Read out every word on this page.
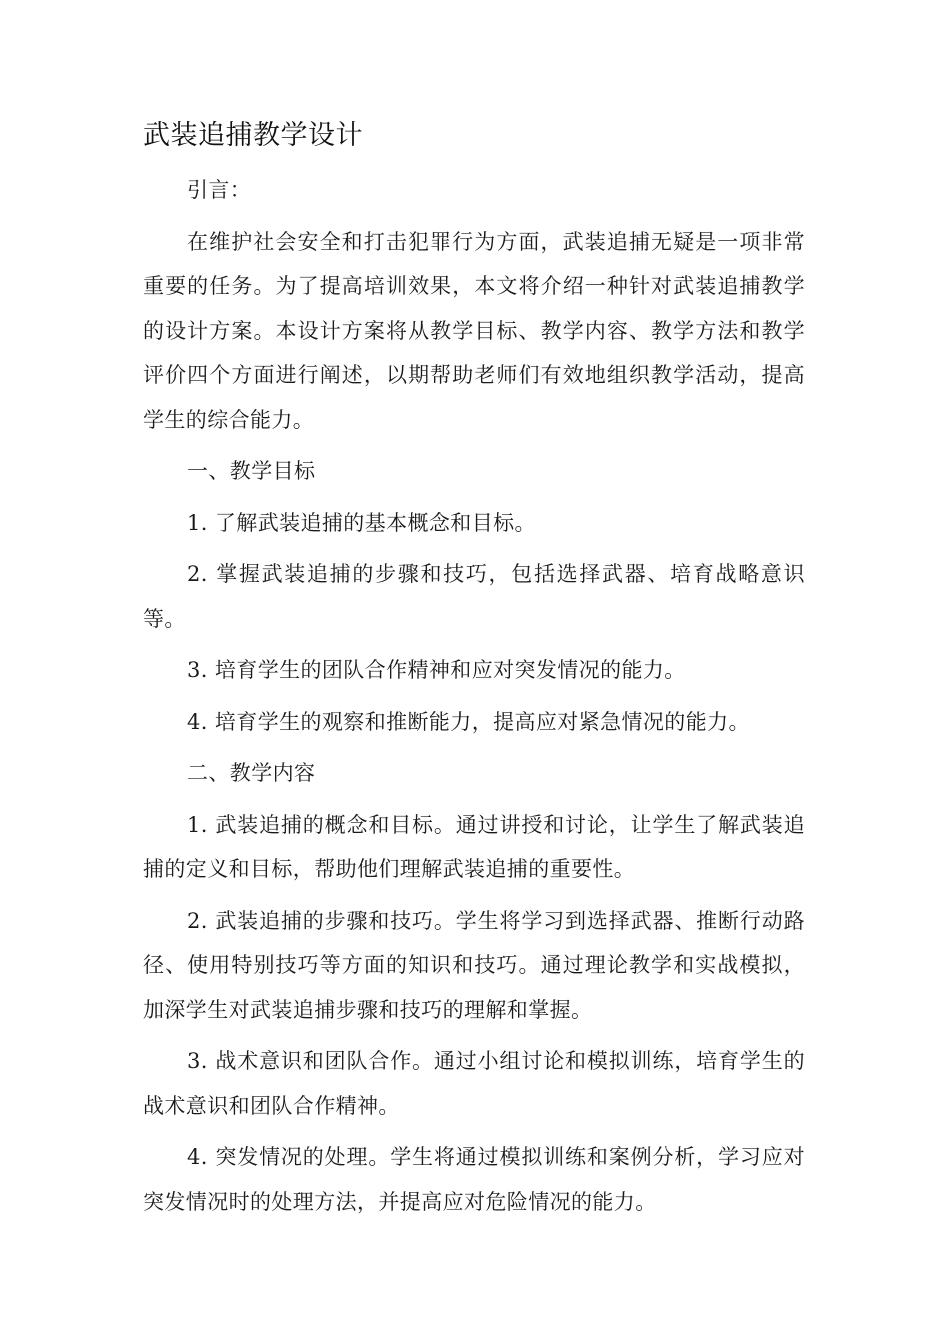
武装追捕教学设计

引言：

在维护社会安全和打击犯罪行为方面，武装追捕无疑是一项非常重要的任务。为了提高培训效果，本文将介绍一种针对武装追捕教学的设计方案。本设计方案将从教学目标、教学内容、教学方法和教学评价四个方面进行阐述，以期帮助老师们有效地组织教学活动，提高学生的综合能力。

一、教学目标

1. 了解武装追捕的基本概念和目标。

2. 掌握武装追捕的步骤和技巧，包括选择武器、培育战略意识等。

3. 培育学生的团队合作精神和应对突发情况的能力。

4. 培育学生的观察和推断能力，提高应对紧急情况的能力。

二、教学内容

1. 武装追捕的概念和目标。通过讲授和讨论，让学生了解武装追捕的定义和目标，帮助他们理解武装追捕的重要性。

2. 武装追捕的步骤和技巧。学生将学习到选择武器、推断行动路径、使用特别技巧等方面的知识和技巧。通过理论教学和实战模拟，加深学生对武装追捕步骤和技巧的理解和掌握。

3. 战术意识和团队合作。通过小组讨论和模拟训练，培育学生的战术意识和团队合作精神。

4. 突发情况的处理。学生将通过模拟训练和案例分析，学习应对突发情况时的处理方法，并提高应对危险情况的能力。
